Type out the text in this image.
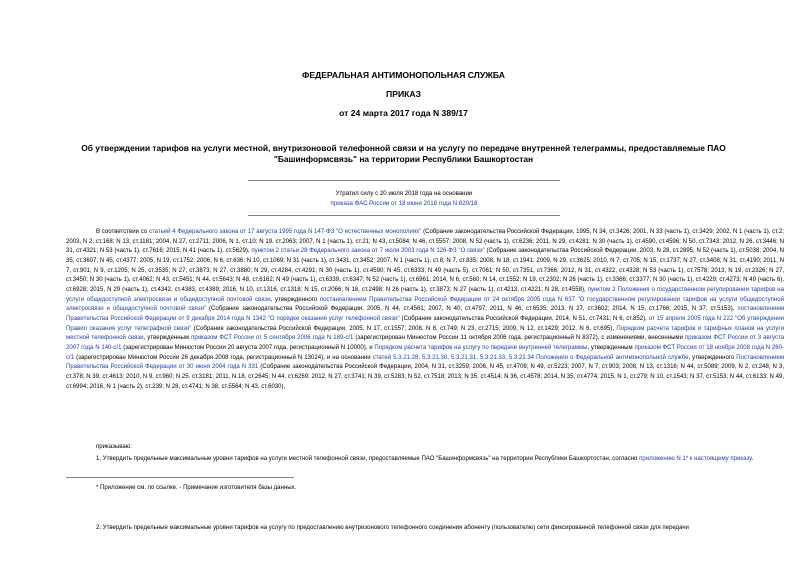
ФЕДЕРАЛЬНАЯ АНТИМОНОПОЛЬНАЯ СЛУЖБА
ПРИКАЗ
от 24 марта 2017 года N 389/17
Об утверждении тарифов на услуги местной, внутризоновой телефонной связи и на услугу по передаче внутренней телеграммы, предоставляемые ПАО
"Башинформсвязь" на территории Республики Башкортостан
Утратил силу с 20 июля 2018 года на основании
приказа ФАС России от 18 июня 2018 года N 820/18
В соответствии со статьей 4 Федерального закона от 17 августа 1995 года N 147-ФЗ "О естественных монополиях" (Собрание законодательства Российской Федерации, 1995, N 34, ст.3426; 2001, N 33 (часть 1), ст.3429; 2002, N 1 (часть 1), ст.2; 2003, N 2, ст.168; N 13, ст.1181; 2004, N 27, ст.2711; 2006, N 1, ст.10; N 19, ст.2063; 2007, N 1 (часть 1), ст.21; N 43, ст.5084; N 46, ст.5557; 2008, N 52 (часть 1), ст.6236; 2011, N 29, ст.4281; N 30 (часть 1), ст.4590, ст.4596; N 50, ст.7343; 2012, N 26, ст.3446; N 31, ст.4321; N 53 (часть 1), ст.7616; 2015, N 41 (часть 1), ст.5629), пунктом 2 статьи 28 Федерального закона от 7 июля 2003 года N 126-ФЗ "О связи" (Собрание законодательства Российской Федерации, 2003, N 28, ст.2895; N 52 (часть 1), ст.5038; 2004, N 35, ст.3607; N 45, ст.4377; 2005, N 19, ст.1752; 2006, N 6, ст.636; N 10, ст.1069; N 31 (часть 1), ст.3431, ст.3452; 2007, N 1 (часть 1), ст.8; N 7, ст.835; 2008, N 18, ст.1941; 2009, N 29, ст.3625; 2010, N 7, ст.705; N 15, ст.1737; N 27, ст.3408; N 31, ст.4190; 2011, N 7, ст.901; N 9, ст.1205; N 25, ст.3535; N 27, ст.3873; N 27, ст.3880; N 29, ст.4284, ст.4291; N 30 (часть 1), ст.4590; N 45, ст.6333; N 49 (часть 5), ст.7061; N 50, ст.7351, ст.7366; 2012, N 31, ст.4322, ст.4328; N 53 (часть 1), ст.7578; 2013, N 19, ст.2326; N 27, ст.3450; N 30 (часть 1), ст.4062; N 43, ст.5451; N 44, ст.5643; N 48, ст.6162; N 49 (часть 1), ст.6339, ст.6347; N 52 (часть 1), ст.6961; 2014, N 6, ст.560; N 14, ст.1552; N 19, ст.2302; N 26 (часть 1), ст.3366; ст.3377; N 30 (часть 1), ст.4229; ст.4273; N 49 (часть 6), ст.6928; 2015, N 29 (часть 1), ст.4342, ст.4383, ст.4389; 2016, N 10, ст.1316, ст.1318; N 15, ст.2066; N 18, ст.2498; N 26 (часть 1), ст.3873; N 27 (часть 1), ст.4213, ст.4221; N 28, ст.4558), пунктом 2 Положения о государственном регулировании тарифов на услуги общедоступной электросвязи и общедоступной почтовой связи, утвержденного постановлением Правительства Российской Федерации от 24 октября 2005 года N 637 "О государственном регулировании тарифов на услуги общедоступной электросвязи и общедоступной почтовой связи" (Собрание законодательства Российской Федерации, 2005, N 44, ст.4561; 2007, N 40, ст.4797; 2011, N 46, ст.6535; 2013, N 27, ст.3602; 2014, N 15, ст.1766; 2015, N 37, ст.5153), постановлением Правительства Российской Федерации от 9 декабря 2014 года N 1342 "О порядке оказания услуг телефонной связи" (Собрание законодательства Российской Федерации, 2014, N 51, ст.7431; N 6, ст.852), от 15 апреля 2005 года N 222 "Об утверждении Правил оказания услуг телеграфной связи" (Собрание законодательства Российской Федерации, 2005, N 17, ст.1557; 2008, N 8, ст.749; N 23, ст.2715; 2009, N 12, ст.1429; 2012, N 6, ст.695), Порядком расчета тарифов и тарифных планов на услуги местной телефонной связи, утвержденным приказом ФСТ России от 5 сентября 2006 года N 189-с/1 (зарегистрирован Минюстом России 11 октября 2006 года, регистрационный N 8372), с изменениями, внесенными приказом ФСТ России от 3 августа 2007 года N 140-с/1 (зарегистрирован Минюстом России 20 августа 2007 года, регистрационный N 10000), и Порядком расчета тарифов на услугу по передаче внутренней телеграммы, утвержденным приказом ФСТ России от 18 ноября 2008 года N 260-с/1 (зарегистрирован Минюстом России 26 декабря 2008 года, регистрационный N 13024), и на основании статей 5.3.21.28, 5.3.21.30, 5.3.21.31, 5.3.21.33, 5.3.21.34 Положения о Федеральной антимонопольной службе, утвержденного Постановлением Правительства Российской Федерации от 30 июня 2004 года N 331 (Собрание законодательства Российской Федерации, 2004, N 31, ст.3259; 2006, N 45, ст.4706; N 49, ст.5223; 2007, N 7, ст.903; 2008, N 13, ст.1316; N 44, ст.5089; 2009, N 2, ст.248; N 3, ст.378; N 39, ст.4613; 2010, N 9, ст.960; N 25, ст.3181; 2011, N 18, ст.2645; N 44, ст.6269; 2012, N 27, ст.3741; N 39, ст.5283; N 52, ст.7518; 2013, N 35, ст.4514; N 36, ст.4578; 2014, N 35, ст.4774; 2015, N 1, ст.279; N 10, ст.1543; N 37, ст.5153; N 44, ст.6133; N 49, ст.6994; 2016, N 1 (часть 2), ст.239; N 28, ст.4741; N 38, ст.5564; N 43, ст.6030),
приказываю:
1. Утвердить предельные максимальные уровни тарифов на услуги местной телефонной связи, предоставляемые ПАО "Башинформсвязь" на территории Республики Башкортостан, согласно приложению N 1* к настоящему приказу.
* Приложение см. по ссылке. - Примечание изготовителя базы данных.
2. Утвердить предельные максимальные уровни тарифов на услугу по предоставлению внутризонового телефонного соединения абоненту (пользователю) сети фиксированной телефонной связи для передачи
